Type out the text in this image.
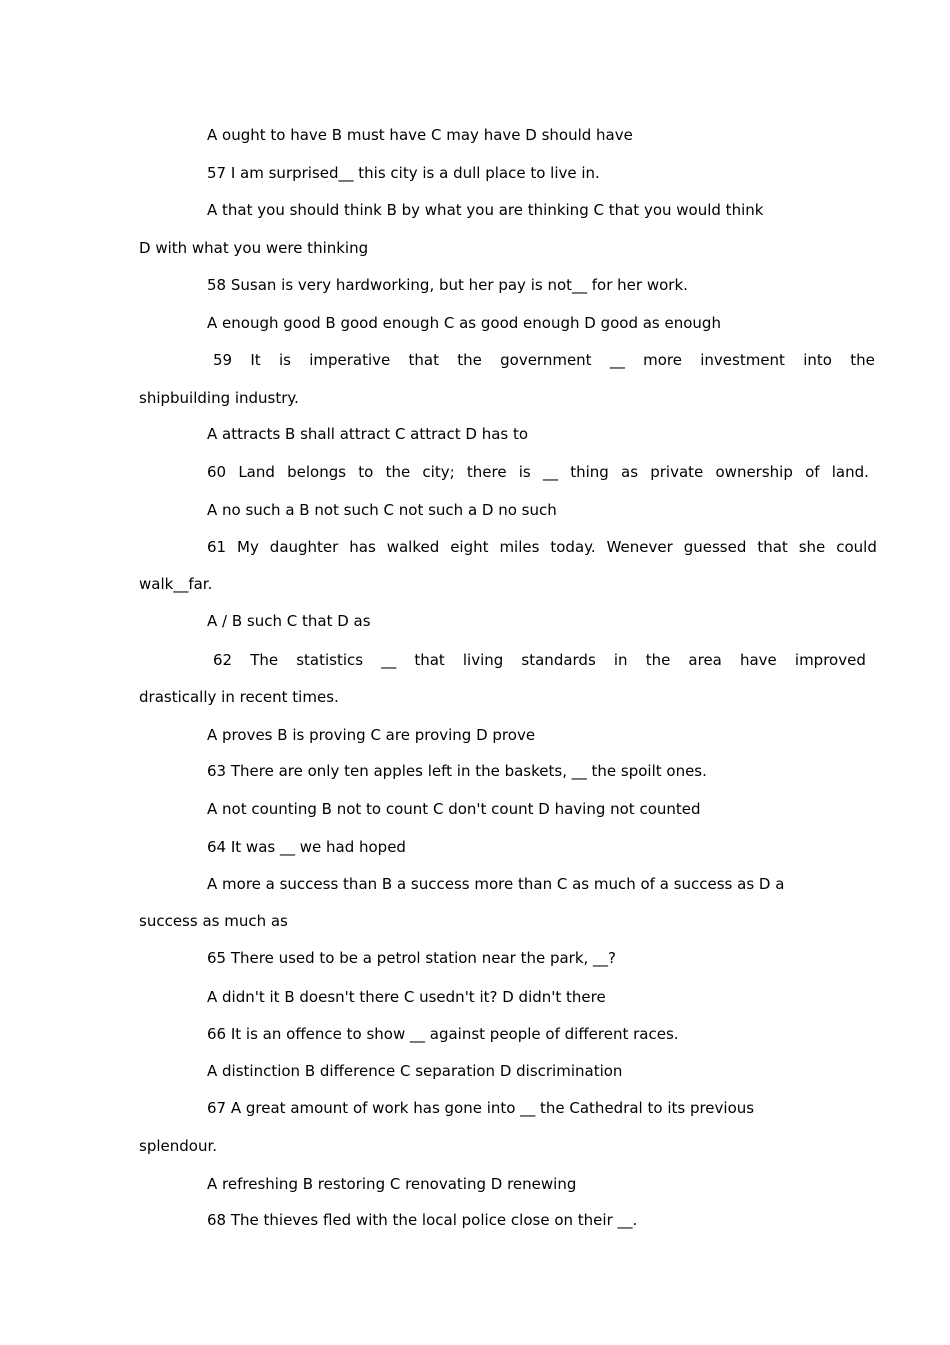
A ought to have B must have C may have D should have

57 I am surprised__ this city is a dull place to live in.

A that you should think B by what you are thinking C that you would think

D with what you were thinking

58 Susan is very hardworking, but her pay is not__ for her work.

A enough good B good enough C as good enough D good as enough

59 It is imperative that the government __ more investment into the

shipbuilding industry.

A attracts B shall attract C attract D has to

60 Land belongs to the city; there is __ thing as private ownership of land.

A no such a B not such C not such a D no such

61 My daughter has walked eight miles today. Wenever guessed that she could

walk__far.

A / B such C that D as

62 The statistics __ that living standards in the area have improved

drastically in recent times.

A proves B is proving C are proving D prove

63 There are only ten apples left in the baskets, __ the spoilt ones.

A not counting B not to count C don't count D having not counted

64 It was __ we had hoped

A more a success than B a success more than C as much of a success as D a

success as much as

65 There used to be a petrol station near the park, __?

A didn't it B doesn't there C usedn't it? D didn't there

66 It is an offence to show __ against people of different races.

A distinction B difference C separation D discrimination

67 A great amount of work has gone into __ the Cathedral to its previous

splendour.

A refreshing B restoring C renovating D renewing

68 The thieves fled with the local police close on their __.
